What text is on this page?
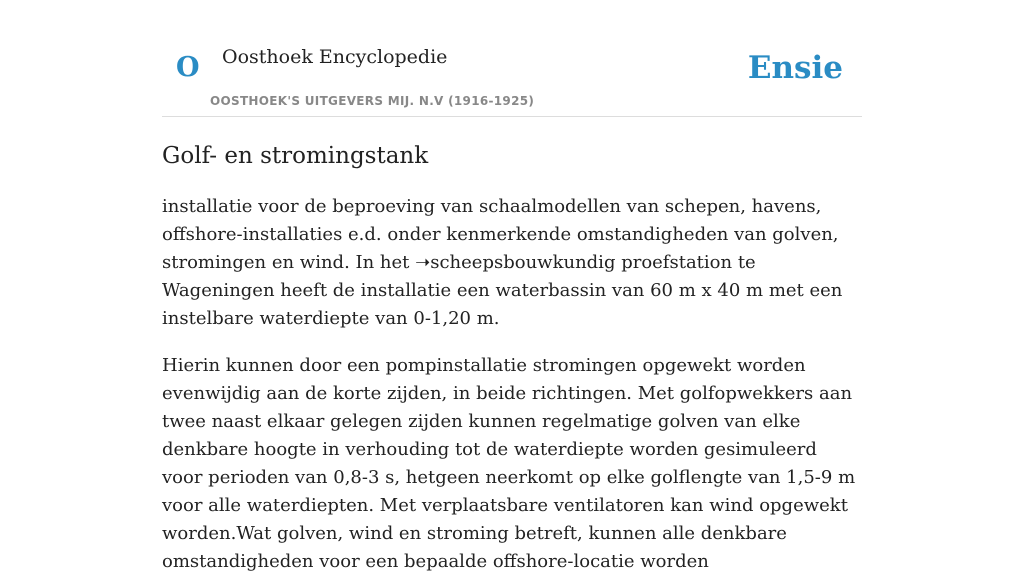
O Oosthoek Encyclopedie
OOSTHOEK'S UITGEVERS MIJ. N.V (1916-1925)
Ensie
Golf- en stromingstank

installatie voor de beproeving van schaalmodellen van schepen, havens, offshore-installaties e.d. onder kenmerkende omstandigheden van golven, stromingen en wind. In het ➝scheepsbouwkundig proefstation te Wageningen heeft de installatie een waterbassin van 60 m x 40 m met een instelbare waterdiepte van 0-1,20 m.

Hierin kunnen door een pompinstallatie stromingen opgewekt worden evenwijdig aan de korte zijden, in beide richtingen. Met golfopwekkers aan twee naast elkaar gelegen zijden kunnen regelmatige golven van elke denkbare hoogte in verhouding tot de waterdiepte worden gesimuleerd voor perioden van 0,8-3 s, hetgeen neerkomt op elke golflengte van 1,5-9 m voor alle waterdiepten. Met verplaatsbare ventilatoren kan wind opgewekt worden.Wat golven, wind en stroming betreft, kunnen alle denkbare omstandigheden voor een bepaalde offshore-locatie worden
